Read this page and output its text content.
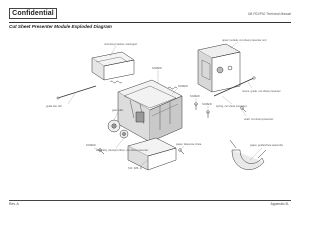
Confidential	UB-P01/P02 Technical Manual
Cut Sheet Presenter Module Exploded Diagram
mounting bracket, rear/upper
guide bar, left
upper module, cut sheet presenter unit
SCREW
SCREW
SCREW
SCREW
spring, cut sheet presenter
mount, guide, cut sheet presenter
shaft, cut sheet presenter
gear, idler
SCREW
assembly, transport drive, cut sheet presenter
paper, dispense chute
S.R. (M3, 4)
paper, guide/chute assembly
Rev. A	Appendix B-
